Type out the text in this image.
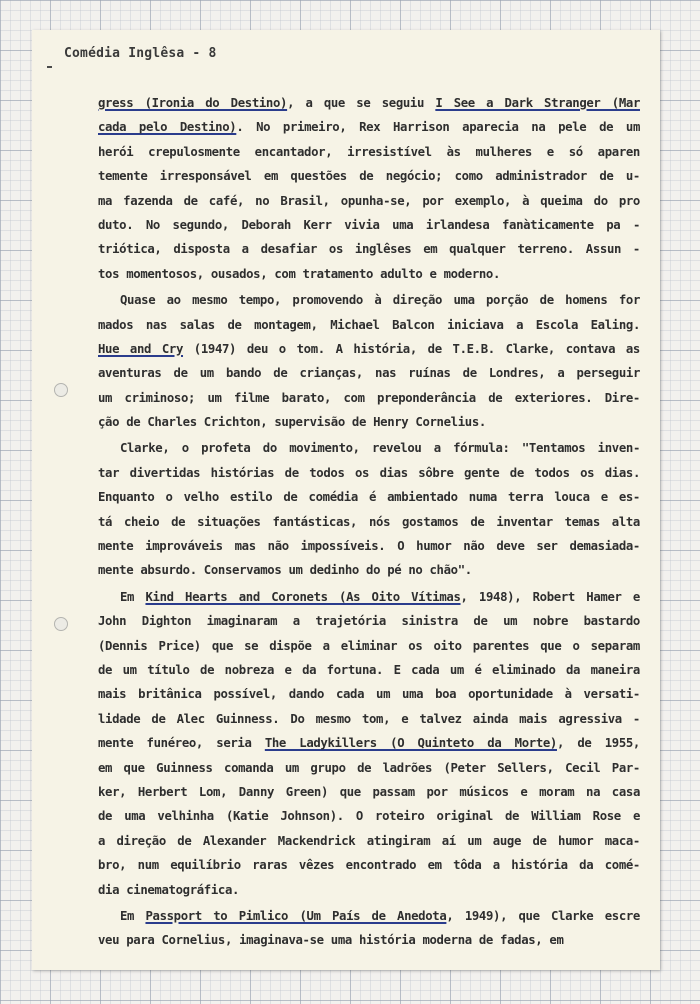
Comédia Inglêsa - 8
gress (Ironia do Destino), a que se seguiu I See a Dark Stranger (Mar
cada pelo Destino). No primeiro, Rex Harrison aparecia na pele de um
herói crepulosmente encantador, irresistível às mulheres e só aparen
temente irresponsável em questões de negócio; como administrador de u-
ma fazenda de café, no Brasil, opunha-se, por exemplo, à queima do pro
duto. No segundo, Deborah Kerr vivia uma irlandesa fanàticamente pa -
triótica, disposta a desafiar os inglêses em qualquer terreno. Assun -
tos momentosos, ousados, com tratamento adulto e moderno.
Quase ao mesmo tempo, promovendo à direção uma porção de homens for
mados nas salas de montagem, Michael Balcon iniciava a Escola Ealing.
Hue and Cry (1947) deu o tom. A história, de T.E.B. Clarke, contava as
aventuras de um bando de crianças, nas ruínas de Londres, a perseguir
um criminoso; um filme barato, com preponderância de exteriores. Dire-
ção de Charles Crichton, supervisão de Henry Cornelius.
Clarke, o profeta do movimento, revelou a fórmula: "Tentamos inven-
tar divertidas histórias de todos os dias sôbre gente de todos os dias.
Enquanto o velho estilo de comédia é ambientado numa terra louca e es-
tá cheio de situações fantásticas, nós gostamos de inventar temas alta
mente improváveis mas não impossíveis. O humor não deve ser demasiada-
mente absurdo. Conservamos um dedinho do pé no chão".
Em Kind Hearts and Coronets (As Oito Vítimas, 1948), Robert Hamer e
John Dighton imaginaram a trajetória sinistra de um nobre bastardo
(Dennis Price) que se dispõe a eliminar os oito parentes que o separam
de um título de nobreza e da fortuna. E cada um é eliminado da maneira
mais britânica possível, dando cada um uma boa oportunidade à versati-
lidade de Alec Guinness. Do mesmo tom, e talvez ainda mais agressiva -
mente funéreo, seria The Ladykillers (O Quinteto da Morte), de 1955,
em que Guinness comanda um grupo de ladrões (Peter Sellers, Cecil Par-
ker, Herbert Lom, Danny Green) que passam por músicos e moram na casa
de uma velhinha (Katie Johnson). O roteiro original de William Rose e
a direção de Alexander Mackendrick atingiram aí um auge de humor maca-
bro, num equilíbrio raras vêzes encontrado em tôda a história da comé-
dia cinematográfica.
Em Passport to Pimlico (Um País de Anedota, 1949), que Clarke escre
veu para Cornelius, imaginava-se uma história moderna de fadas, em
